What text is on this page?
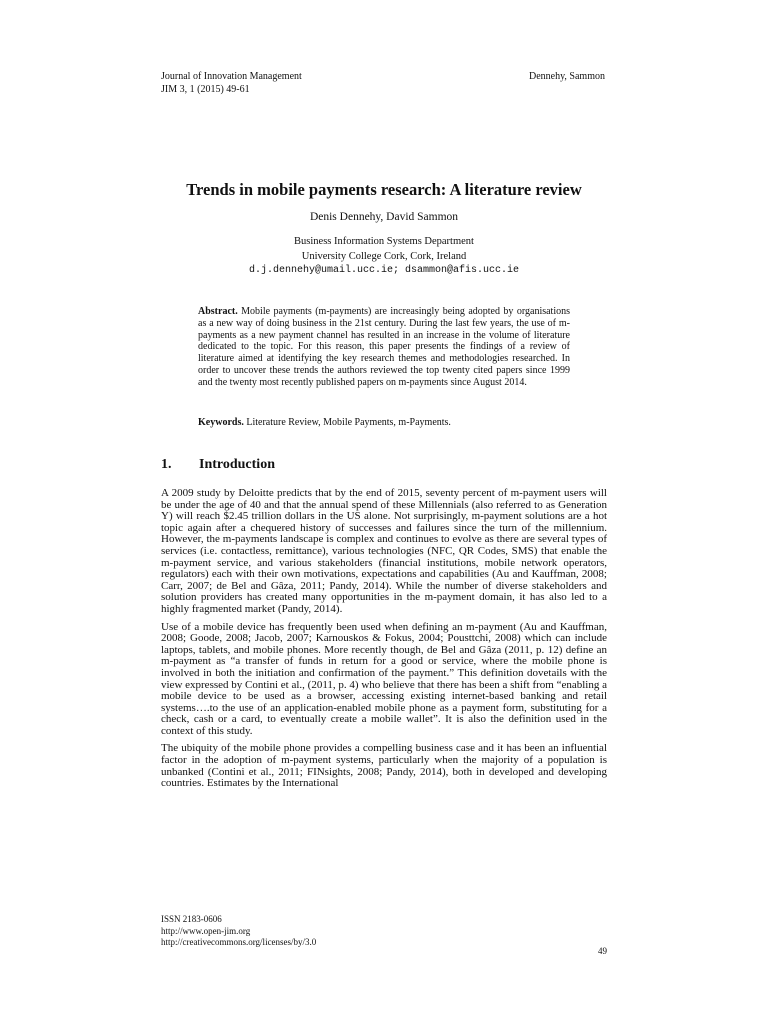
Journal of Innovation Management
JIM 3, 1 (2015) 49-61
Dennehy, Sammon
Trends in mobile payments research: A literature review
Denis Dennehy, David Sammon
Business Information Systems Department
University College Cork, Cork, Ireland
d.j.dennehy@umail.ucc.ie; dsammon@afis.ucc.ie
Abstract. Mobile payments (m-payments) are increasingly being adopted by organisations as a new way of doing business in the 21st century. During the last few years, the use of m-payments as a new payment channel has resulted in an increase in the volume of literature dedicated to the topic. For this reason, this paper presents the findings of a review of literature aimed at identifying the key research themes and methodologies researched. In order to uncover these trends the authors reviewed the top twenty cited papers since 1999 and the twenty most recently published papers on m-payments since August 2014.
Keywords. Literature Review, Mobile Payments, m-Payments.
1. Introduction

A 2009 study by Deloitte predicts that by the end of 2015, seventy percent of m-payment users will be under the age of 40 and that the annual spend of these Millennials (also referred to as Generation Y) will reach $2.45 trillion dollars in the US alone. Not surprisingly, m-payment solutions are a hot topic again after a chequered history of successes and failures since the turn of the millennium. However, the m-payments landscape is complex and continues to evolve as there are several types of services (i.e. contactless, remittance), various technologies (NFC, QR Codes, SMS) that enable the m-payment service, and various stakeholders (financial institutions, mobile network operators, regulators) each with their own motivations, expectations and capabilities (Au and Kauffman, 2008; Carr, 2007; de Bel and Gâza, 2011; Pandy, 2014). While the number of diverse stakeholders and solution providers has created many opportunities in the m-payment domain, it has also led to a highly fragmented market (Pandy, 2014).

Use of a mobile device has frequently been used when defining an m-payment (Au and Kauffman, 2008; Goode, 2008; Jacob, 2007; Karnouskos & Fokus, 2004; Pousttchi, 2008) which can include laptops, tablets, and mobile phones. More recently though, de Bel and Gâza (2011, p. 12) define an m-payment as “a transfer of funds in return for a good or service, where the mobile phone is involved in both the initiation and confirmation of the payment.” This definition dovetails with the view expressed by Contini et al., (2011, p. 4) who believe that there has been a shift from “enabling a mobile device to be used as a browser, accessing existing internet-based banking and retail systems….to the use of an application-enabled mobile phone as a payment form, substituting for a check, cash or a card, to eventually create a mobile wallet”. It is also the definition used in the context of this study.

The ubiquity of the mobile phone provides a compelling business case and it has been an influential factor in the adoption of m-payment systems, particularly when the majority of a population is unbanked (Contini et al., 2011; FINsights, 2008; Pandy, 2014), both in developed and developing countries. Estimates by the International

ISSN 2183-0606
http://www.open-jim.org
http://creativecommons.org/licenses/by/3.0
49
